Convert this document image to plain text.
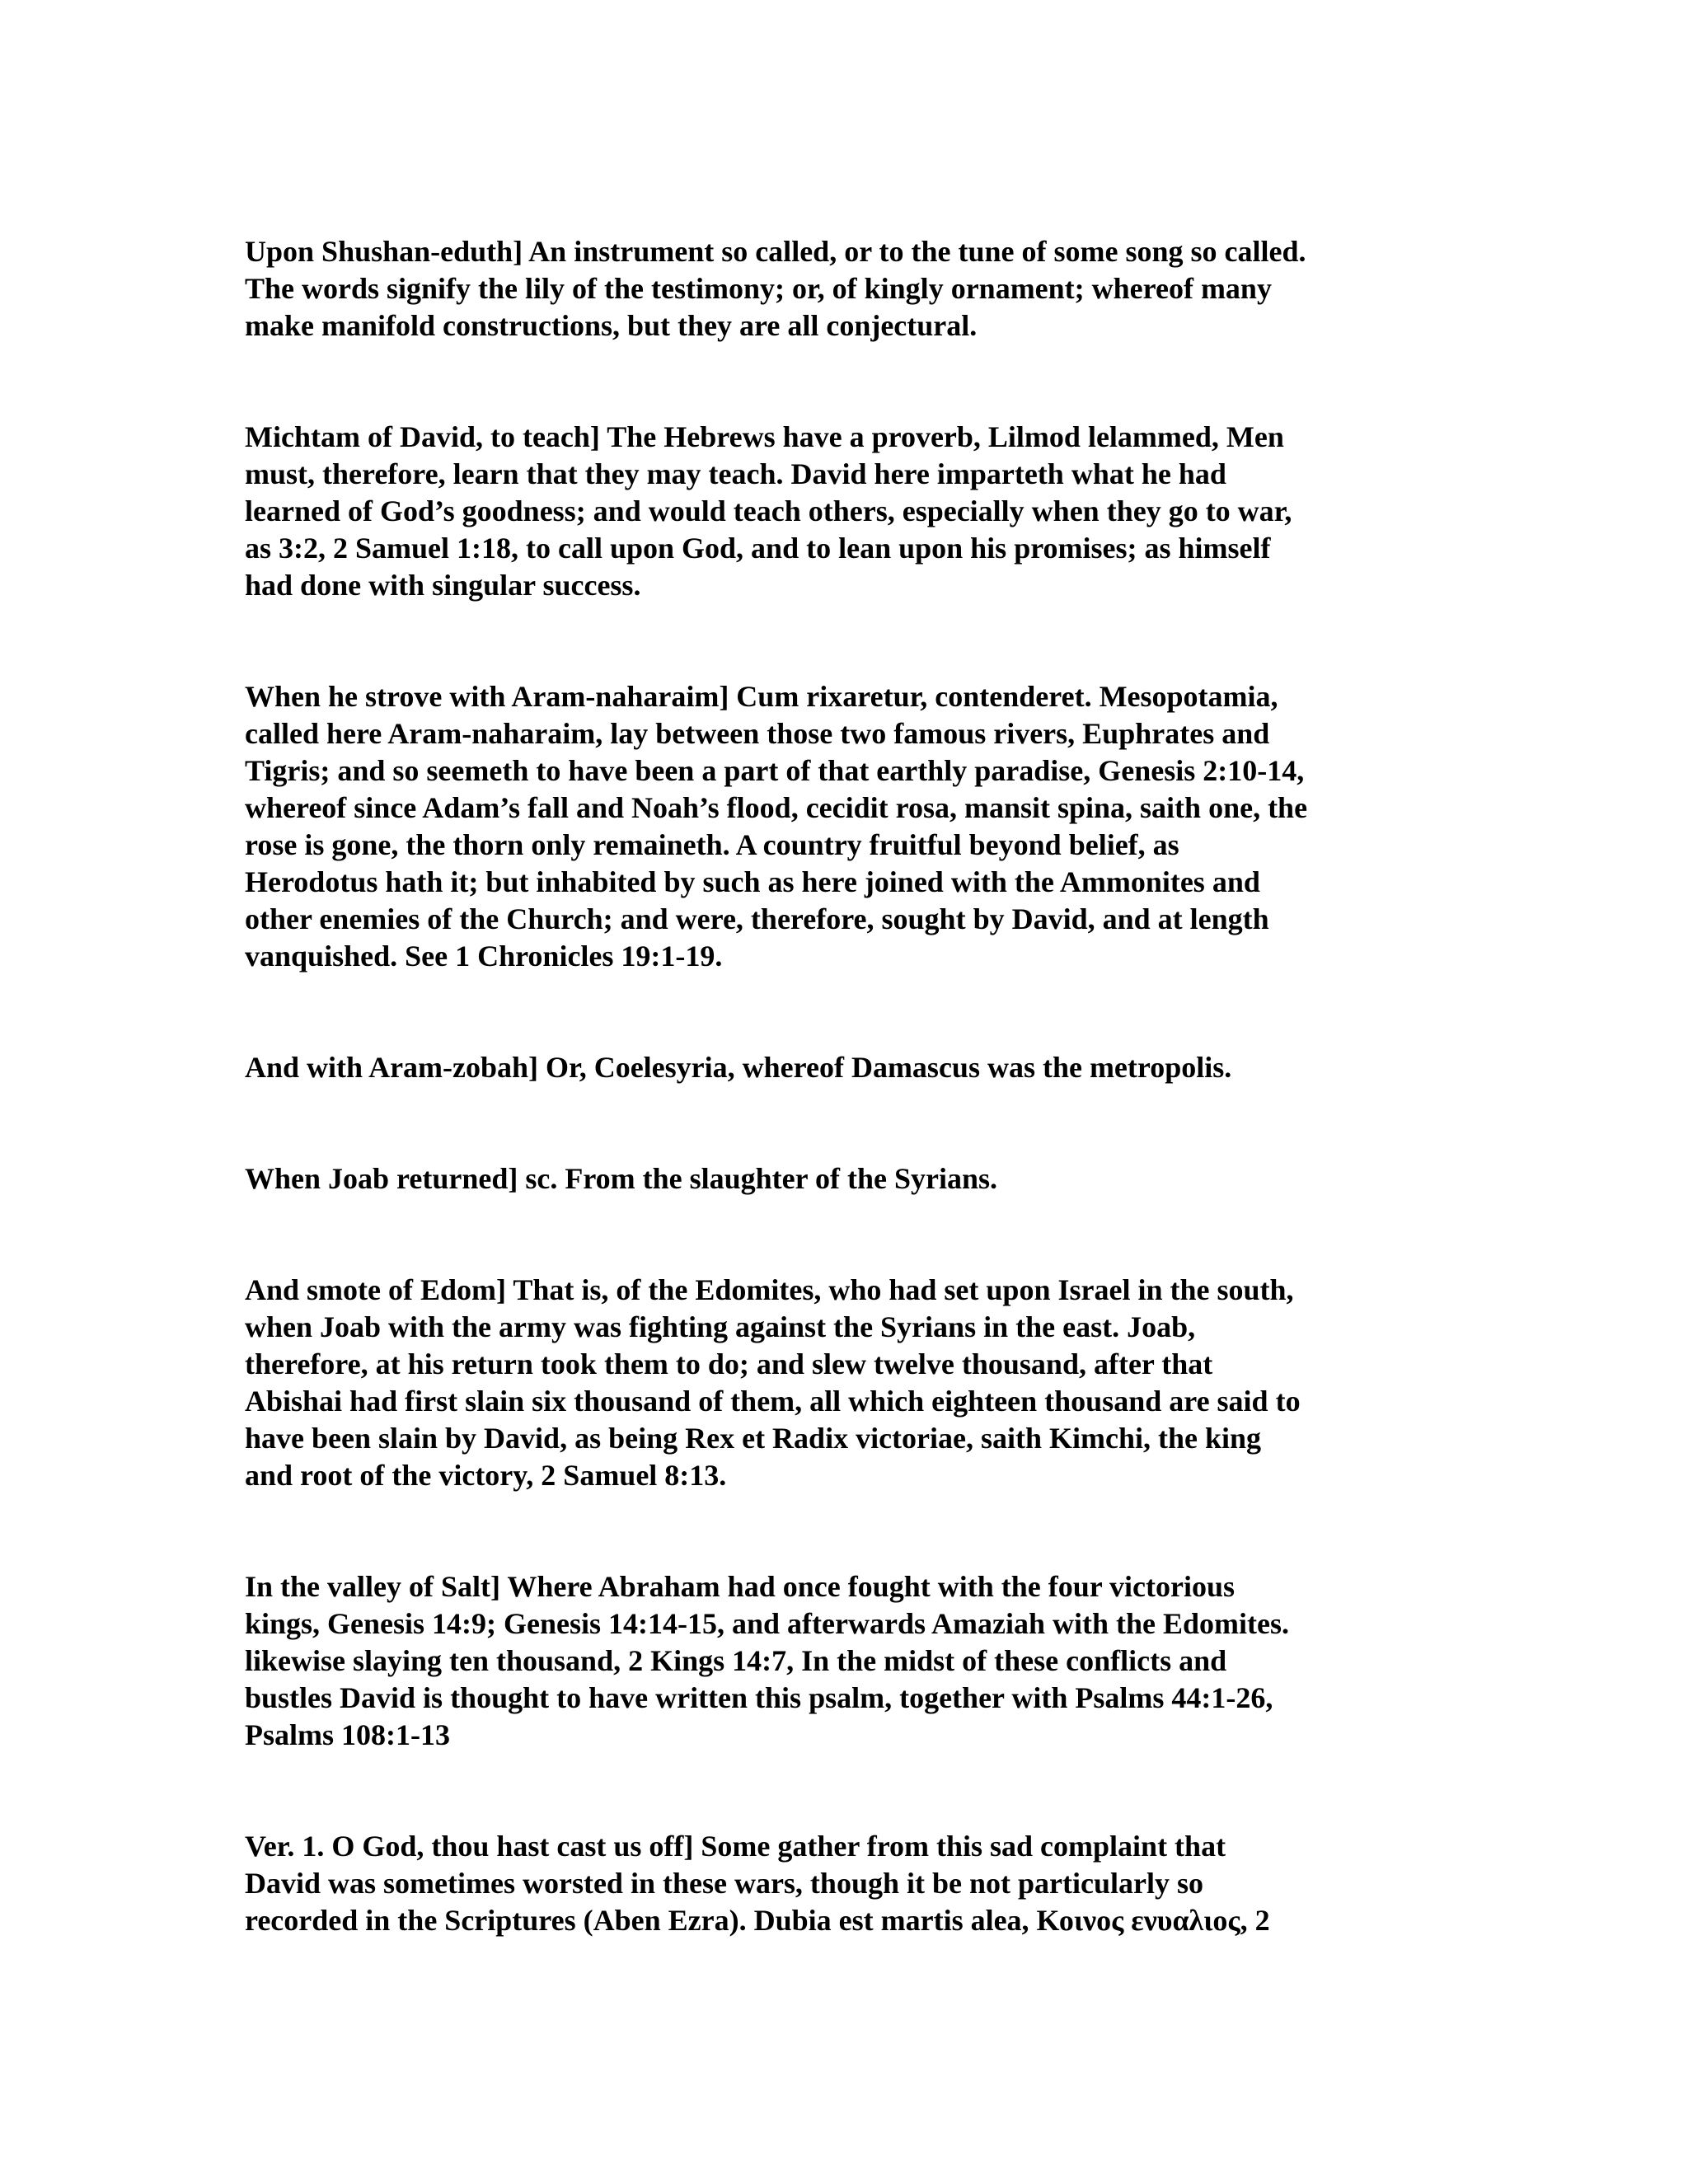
Upon Shushan-eduth] An instrument so called, or to the tune of some song so called.
The words signify the lily of the testimony; or, of kingly ornament; whereof many
make manifold constructions, but they are all conjectural.

Michtam of David, to teach] The Hebrews have a proverb, Lilmod lelammed, Men
must, therefore, learn that they may teach. David here imparteth what he had
learned of God’s goodness; and would teach others, especially when they go to war,
as 3:2, 2 Samuel 1:18, to call upon God, and to lean upon his promises; as himself
had done with singular success.

When he strove with Aram-naharaim] Cum rixaretur, contenderet. Mesopotamia,
called here Aram-naharaim, lay between those two famous rivers, Euphrates and
Tigris; and so seemeth to have been a part of that earthly paradise, Genesis 2:10-14,
whereof since Adam’s fall and Noah’s flood, cecidit rosa, mansit spina, saith one, the
rose is gone, the thorn only remaineth. A country fruitful beyond belief, as
Herodotus hath it; but inhabited by such as here joined with the Ammonites and
other enemies of the Church; and were, therefore, sought by David, and at length
vanquished. See 1 Chronicles 19:1-19.

And with Aram-zobah] Or, Coelesyria, whereof Damascus was the metropolis.

When Joab returned] sc. From the slaughter of the Syrians.

And smote of Edom] That is, of the Edomites, who had set upon Israel in the south,
when Joab with the army was fighting against the Syrians in the east. Joab,
therefore, at his return took them to do; and slew twelve thousand, after that
Abishai had first slain six thousand of them, all which eighteen thousand are said to
have been slain by David, as being Rex et Radix victoriae, saith Kimchi, the king
and root of the victory, 2 Samuel 8:13.

In the valley of Salt] Where Abraham had once fought with the four victorious
kings, Genesis 14:9; Genesis 14:14-15, and afterwards Amaziah with the Edomites.
likewise slaying ten thousand, 2 Kings 14:7, In the midst of these conflicts and
bustles David is thought to have written this psalm, together with Psalms 44:1-26,
Psalms 108:1-13

Ver. 1. O God, thou hast cast us off] Some gather from this sad complaint that
David was sometimes worsted in these wars, though it be not particularly so
recorded in the Scriptures (Aben Ezra). Dubia est martis alea, Κοινος ενυαλιος, 2
